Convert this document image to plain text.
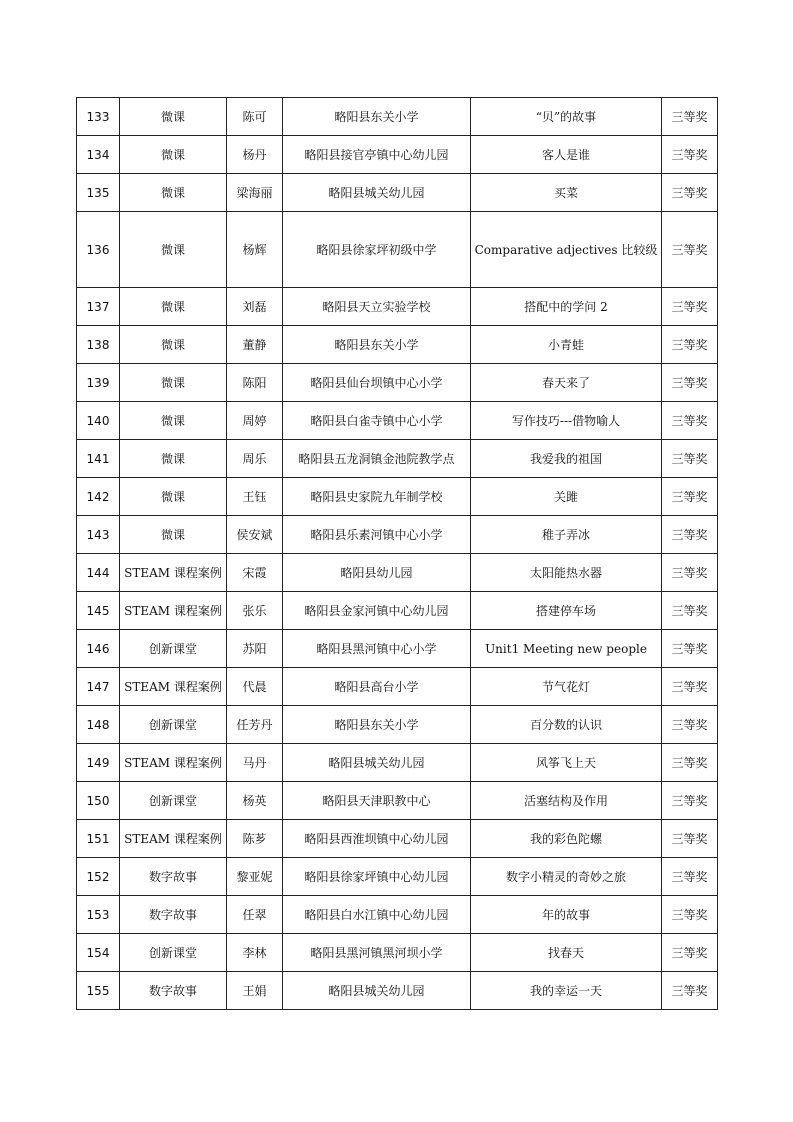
133	微课	陈可	略阳县东关小学	“贝”的故事	三等奖
134	微课	杨丹	略阳县接官亭镇中心幼儿园	客人是谁	三等奖
135	微课	梁海丽	略阳县城关幼儿园	买菜	三等奖
136	微课	杨辉	略阳县徐家坪初级中学	Comparative adjectives 比较级	三等奖
137	微课	刘磊	略阳县天立实验学校	搭配中的学问 2	三等奖
138	微课	董静	略阳县东关小学	小青蛙	三等奖
139	微课	陈阳	略阳县仙台坝镇中心小学	春天来了	三等奖
140	微课	周婷	略阳县白雀寺镇中心小学	写作技巧---借物喻人	三等奖
141	微课	周乐	略阳县五龙洞镇金池院教学点	我爱我的祖国	三等奖
142	微课	王钰	略阳县史家院九年制学校	关雎	三等奖
143	微课	侯安斌	略阳县乐素河镇中心小学	稚子弄冰	三等奖
144	STEAM 课程案例	宋霞	略阳县幼儿园	太阳能热水器	三等奖
145	STEAM 课程案例	张乐	略阳县金家河镇中心幼儿园	搭建停车场	三等奖
146	创新课堂	苏阳	略阳县黑河镇中心小学	Unit1 Meeting new people	三等奖
147	STEAM 课程案例	代晨	略阳县高台小学	节气花灯	三等奖
148	创新课堂	任芳丹	略阳县东关小学	百分数的认识	三等奖
149	STEAM 课程案例	马丹	略阳县城关幼儿园	风筝飞上天	三等奖
150	创新课堂	杨英	略阳县天津职教中心	活塞结构及作用	三等奖
151	STEAM 课程案例	陈芗	略阳县西淮坝镇中心幼儿园	我的彩色陀螺	三等奖
152	数字故事	黎亚妮	略阳县徐家坪镇中心幼儿园	数字小精灵的奇妙之旅	三等奖
153	数字故事	任翠	略阳县白水江镇中心幼儿园	年的故事	三等奖
154	创新课堂	李林	略阳县黑河镇黑河坝小学	找春天	三等奖
155	数字故事	王娟	略阳县城关幼儿园	我的幸运一天	三等奖
